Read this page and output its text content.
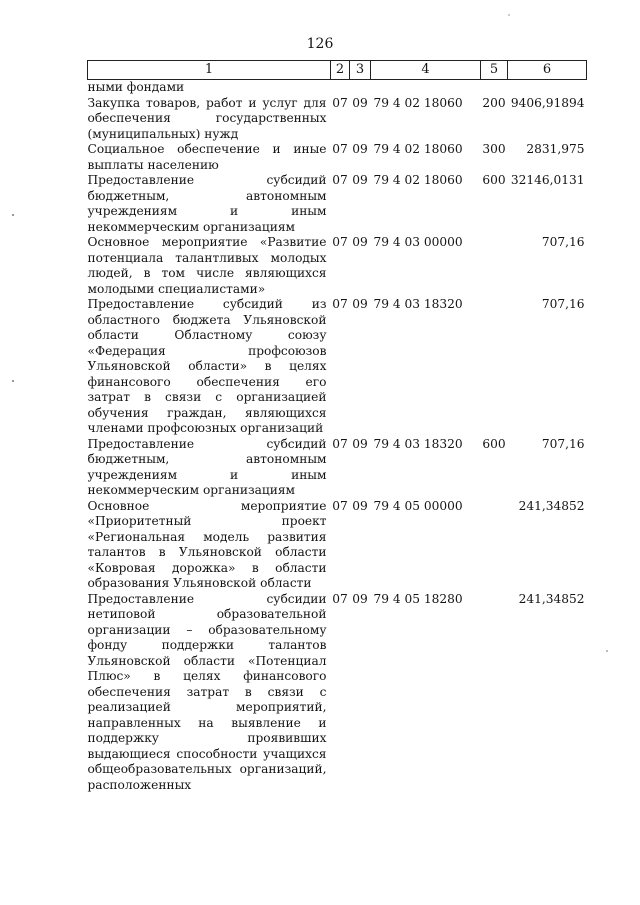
126
1	2	3	4	5	6
ными фондами					
Закупка товаров, работ и услуг для обеспечения государственных (муниципальных) нужд	07	09	79 4 02 18060	200	9406,91894
Социальное обеспечение и иные выплаты населению	07	09	79 4 02 18060	300	2831,975
Предоставление субсидий бюджетным, автономным учреждениям и иным некоммерческим организациям	07	09	79 4 02 18060	600	32146,0131
Основное мероприятие «Развитие потенциала талантливых молодых людей, в том числе являющихся молодыми специалистами»	07	09	79 4 03 00000		707,16
Предоставление субсидий из областного бюджета Ульяновской области Областному союзу «Федерация профсоюзов Ульяновской области» в целях финансового обеспечения его затрат в связи с организацией обучения граждан, являющихся членами профсоюзных организаций	07	09	79 4 03 18320		707,16
Предоставление субсидий бюджетным, автономным учреждениям и иным некоммерческим организациям	07	09	79 4 03 18320	600	707,16
Основное мероприятие «Приоритетный проект «Региональная модель развития талантов в Ульяновской области «Ковровая дорожка» в области образования Ульяновской области	07	09	79 4 05 00000		241,34852
Предоставление субсидии нетиповой образовательной организации – образовательному фонду поддержки талантов Ульяновской области «Потенциал Плюс» в целях финансового обеспечения затрат в связи с реализацией мероприятий, направленных на выявление и поддержку проявивших выдающиеся способности учащихся общеобразовательных организаций, расположенных	07	09	79 4 05 18280		241,34852
